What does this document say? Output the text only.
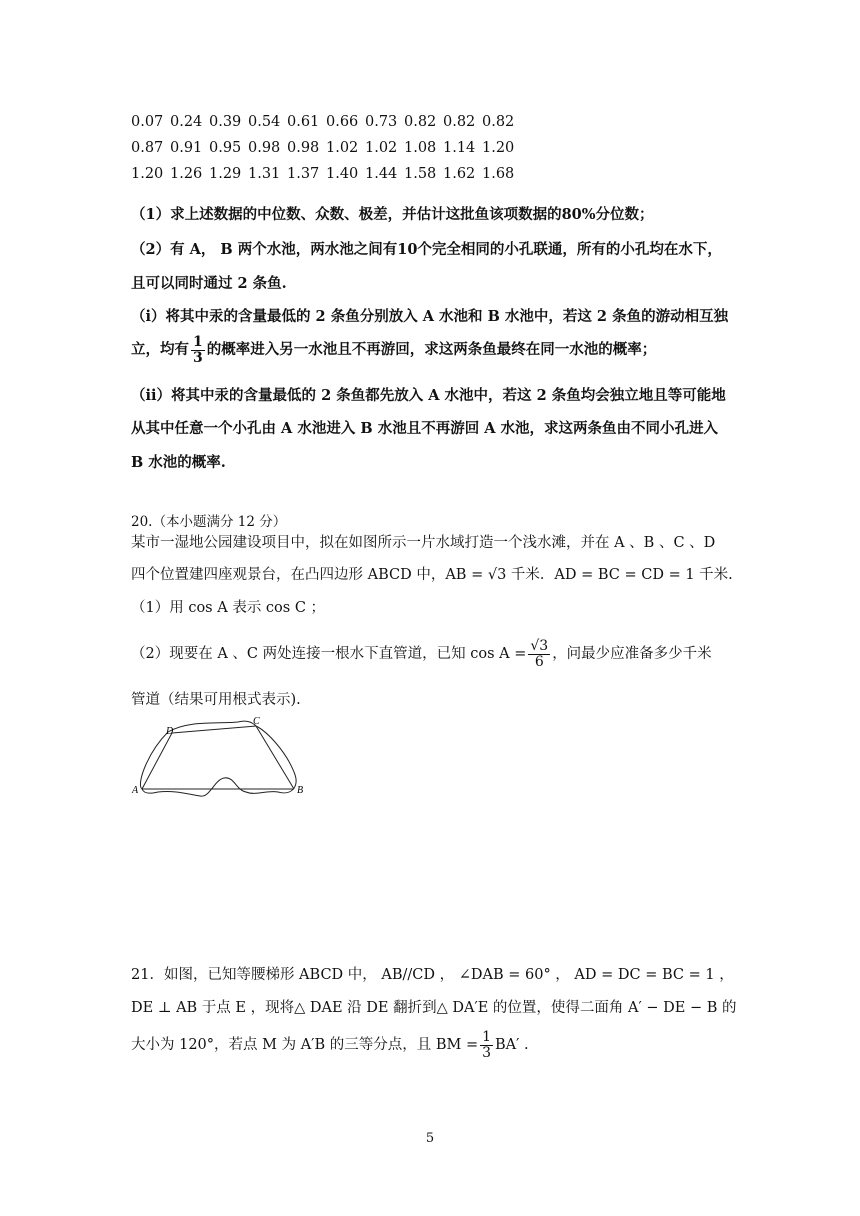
0.07 0.24 0.39 0.54 0.61 0.66 0.73 0.82 0.82 0.82
0.87 0.91 0.95 0.98 0.98 1.02 1.02 1.08 1.14 1.20
1.20 1.26 1.29 1.31 1.37 1.40 1.44 1.58 1.62 1.68
（1）求上述数据的中位数、众数、极差，并估计这批鱼该项数据的80%分位数；
（2）有 A， B 两个水池，两水池之间有10个完全相同的小孔联通，所有的小孔均在水下，
且可以同时通过 2 条鱼.
（i）将其中汞的含量最低的 2 条鱼分别放入 A 水池和 B 水池中，若这 2 条鱼的游动相互独
立，均有 $\frac{1}{3}$ 的概率进入另一水池且不再游回，求这两条鱼最终在同一水池的概率；
（ii）将其中汞的含量最低的 2 条鱼都先放入 A 水池中，若这 2 条鱼均会独立地且等可能地
从其中任意一个小孔由 A 水池进入 B 水池且不再游回 A 水池，求这两条鱼由不同小孔进入
B 水池的概率.
20.（本小题满分 12 分）
某市一湿地公园建设项目中，拟在如图所示一片水域打造一个浅水滩，并在 A 、B 、C 、D
四个位置建四座观景台，在凸四边形 ABCD 中，AB = √3 千米．AD = BC = CD = 1 千米.
（1）用 cos A 表示 cos C ；
（2）现要在 A 、C 两处连接一根水下直管道，已知 $\cos A = \frac{√3}{6}$ ，问最少应准备多少千米
管道（结果可用根式表示).
A	B
C
D
21．如图，已知等腰梯形 ABCD 中， AB//CD ， ∠DAB = 60° ， AD = DC = BC = 1 ，
DE ⊥ AB 于点 E ，现将△ DAE 沿 DE 翻折到△ DA′E 的位置，使得二面角 A′ − DE − B 的
大小为 120°，若点 M 为 A′B 的三等分点，且 BM = $\frac{1}{3} BA'$ .
5
